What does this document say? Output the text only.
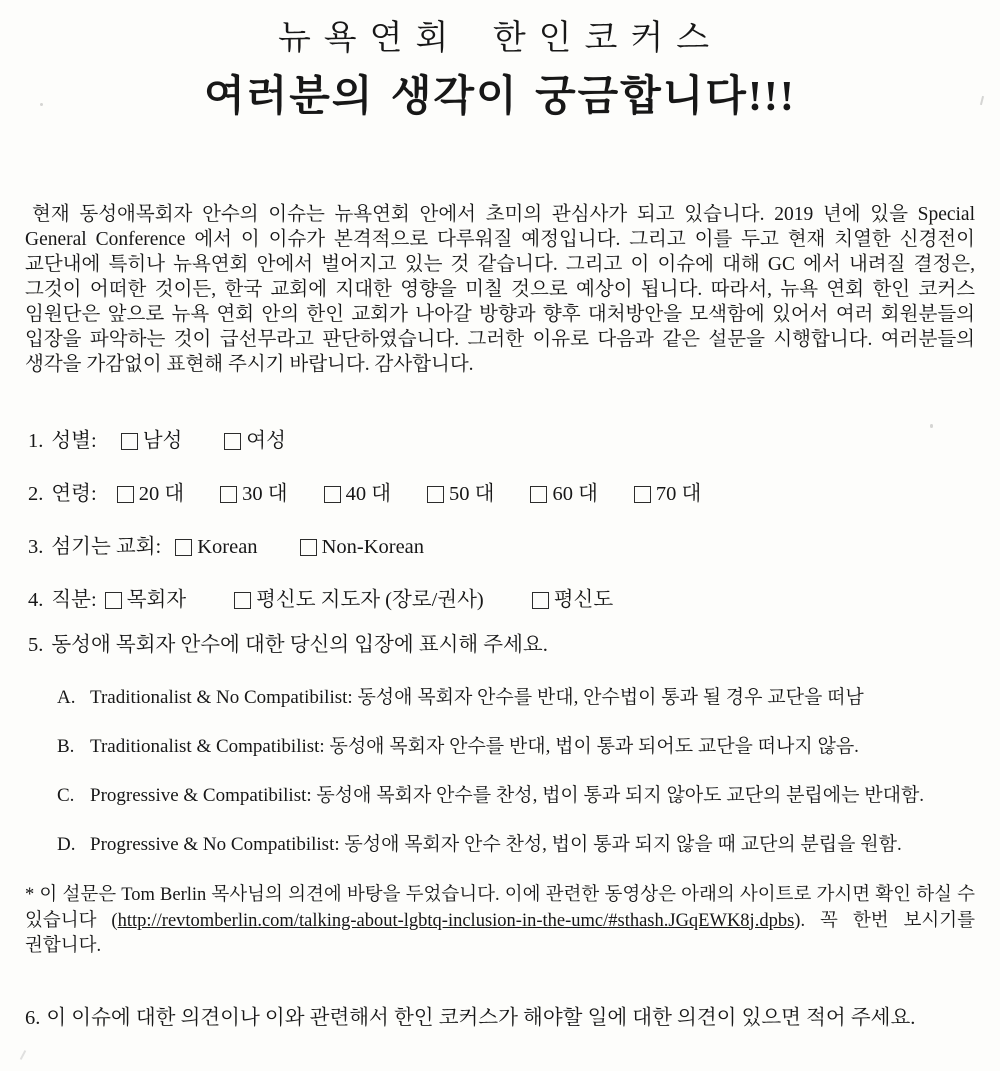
뉴욕연회 한인코커스
여러분의 생각이 궁금합니다!!!

현재 동성애목회자 안수의 이슈는 뉴욕연회 안에서 초미의 관심사가 되고 있습니다. 2019 년에 있을 Special General Conference 에서 이 이슈가 본격적으로 다루워질 예정입니다. 그리고 이를 두고 현재 치열한 신경전이 교단내에 특히나 뉴욕연회 안에서 벌어지고 있는 것 같습니다. 그리고 이 이슈에 대해 GC 에서 내려질 결정은, 그것이 어떠한 것이든, 한국 교회에 지대한 영향을 미칠 것으로 예상이 됩니다. 따라서, 뉴욕 연회 한인 코커스 임원단은 앞으로 뉴욕 연회 안의 한인 교회가 나아갈 방향과 향후 대처방안을 모색함에 있어서 여러 회원분들의 입장을 파악하는 것이 급선무라고 판단하였습니다. 그러한 이유로 다음과 같은 설문을 시행합니다. 여러분들의 생각을 가감없이 표현해 주시기 바랍니다. 감사합니다.

1. 성별: 남성	여성
2. 연령: 20 대	30 대	40 대	50 대	60 대	70 대
3. 섬기는 교회: Korean	Non-Korean
4. 직분: 목회자	평신도 지도자 (장로/권사)	평신도
5. 동성애 목회자 안수에 대한 당신의 입장에 표시해 주세요.
A. Traditionalist & No Compatibilist: 동성애 목회자 안수를 반대, 안수법이 통과 될 경우 교단을 떠남
B. Traditionalist & Compatibilist: 동성애 목회자 안수를 반대, 법이 통과 되어도 교단을 떠나지 않음.
C. Progressive & Compatibilist: 동성애 목회자 안수를 찬성, 법이 통과 되지 않아도 교단의 분립에는 반대함.
D. Progressive & No Compatibilist: 동성애 목회자 안수 찬성, 법이 통과 되지 않을 때 교단의 분립을 원함.

* 이 설문은 Tom Berlin 목사님의 의견에 바탕을 두었습니다. 이에 관련한 동영상은 아래의 사이트로 가시면 확인 하실 수 있습니다 (http://revtomberlin.com/talking-about-lgbtq-inclusion-in-the-umc/#sthash.JGqEWK8j.dpbs). 꼭 한번 보시기를 권합니다.

6. 이 이슈에 대한 의견이나 이와 관련해서 한인 코커스가 해야할 일에 대한 의견이 있으면 적어 주세요.
